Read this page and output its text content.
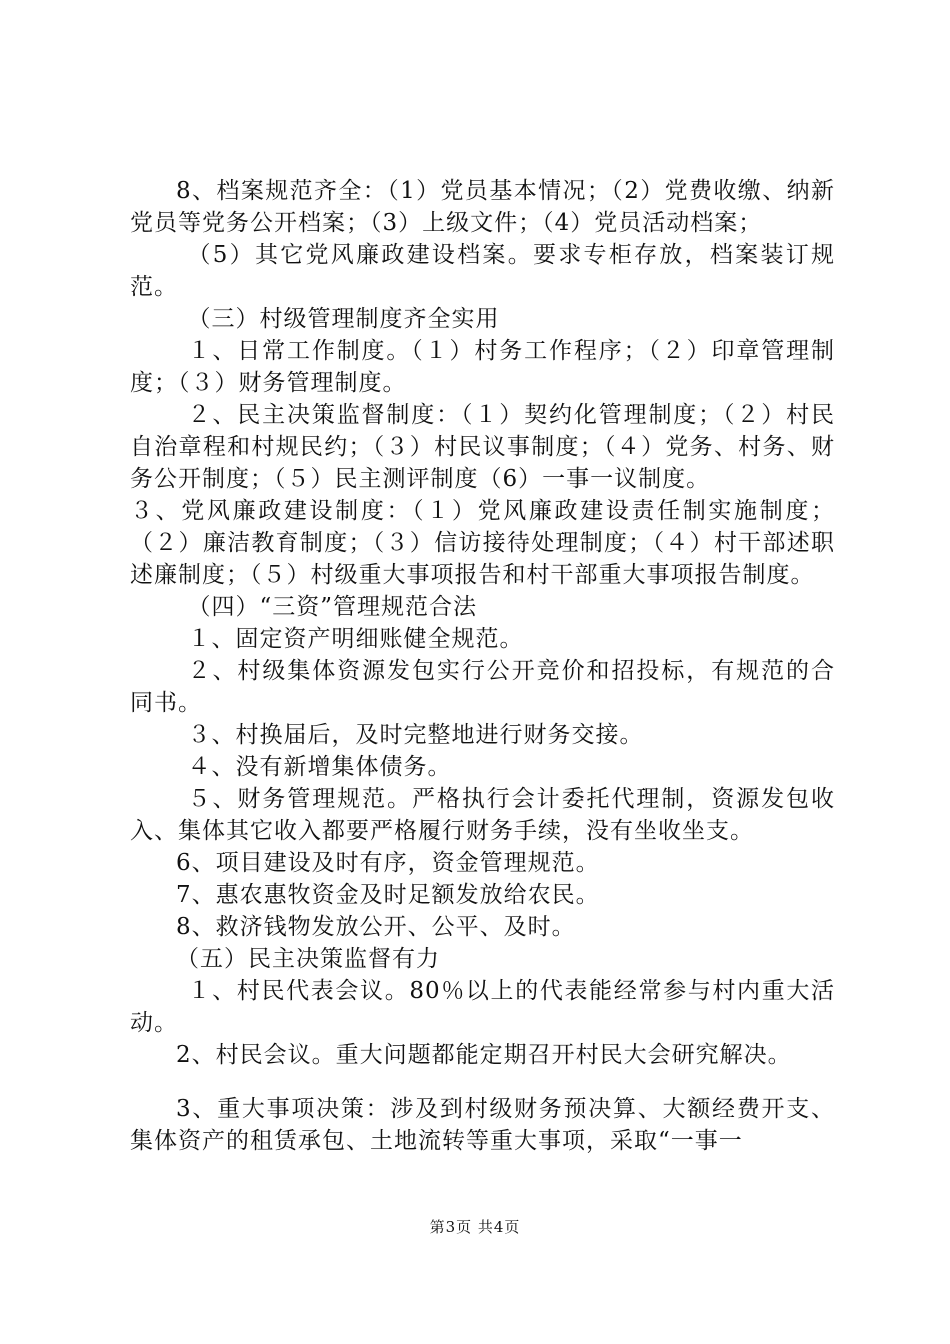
8、档案规范齐全：（1）党员基本情况；（2）党费收缴、纳新党员等党务公开档案；（3）上级文件；（4）党员活动档案；

（5）其它党风廉政建设档案。要求专柜存放，档案装订规范。

（三）村级管理制度齐全实用

１、日常工作制度。（１）村务工作程序；（２）印章管理制度；（３）财务管理制度。

２、民主决策监督制度：（１）契约化管理制度；（２）村民自治章程和村规民约；（３）村民议事制度；（４）党务、村务、财务公开制度；（５）民主测评制度（6）一事一议制度。

３、党风廉政建设制度：（１）党风廉政建设责任制实施制度；（２）廉洁教育制度；（３）信访接待处理制度；（４）村干部述职述廉制度；（５）村级重大事项报告和村干部重大事项报告制度。

（四）“三资”管理规范合法

１、固定资产明细账健全规范。

２、村级集体资源发包实行公开竞价和招投标，有规范的合同书。

３、村换届后，及时完整地进行财务交接。

４、没有新增集体债务。

５、财务管理规范。严格执行会计委托代理制，资源发包收入、集体其它收入都要严格履行财务手续，没有坐收坐支。

6、项目建设及时有序，资金管理规范。

7、惠农惠牧资金及时足额发放给农民。

8、救济钱物发放公开、公平、及时。

（五）民主决策监督有力

１、村民代表会议。80％以上的代表能经常参与村内重大活动。

2、村民会议。重大问题都能定期召开村民大会研究解决。

3、重大事项决策：涉及到村级财务预决算、大额经费开支、集体资产的租赁承包、土地流转等重大事项，采取“一事一

第3页 共4页
